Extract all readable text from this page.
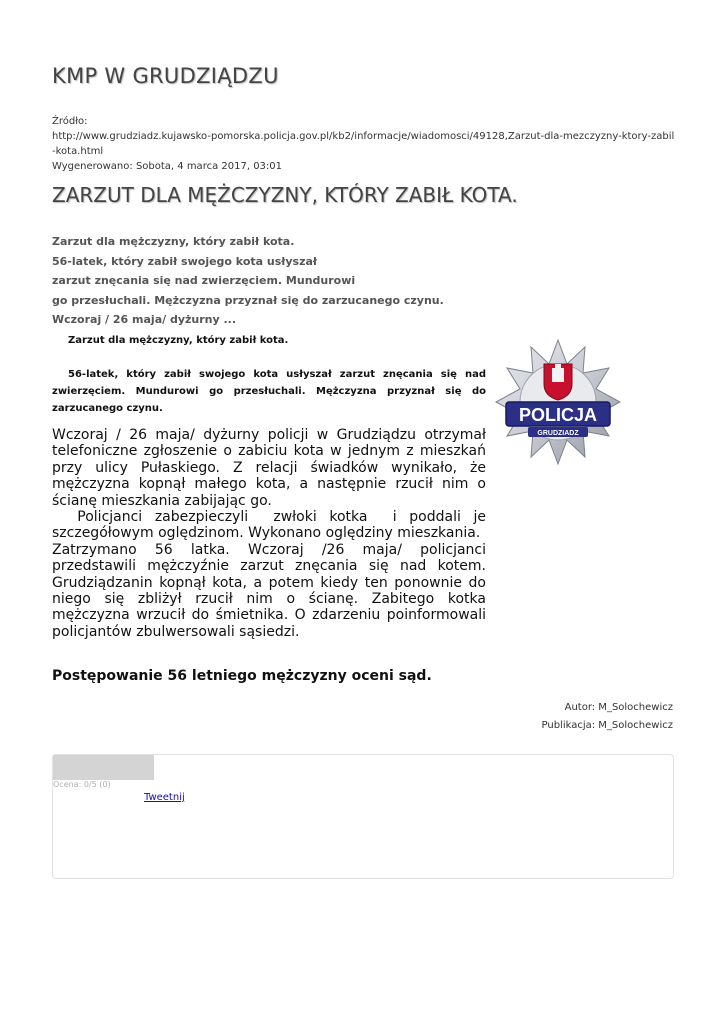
KMP W GRUDZIĄDZU
Źródło:
http://www.grudziadz.kujawsko-pomorska.policja.gov.pl/kb2/informacje/wiadomosci/49128,Zarzut-dla-mezczyzny-ktory-zabil-kota.html
Wygenerowano: Sobota, 4 marca 2017, 03:01
ZARZUT DLA MĘŻCZYZNY, KTÓRY ZABIŁ KOTA.
Zarzut dla mężczyzny, który zabił kota.
56-latek, który zabił swojego kota usłyszał
zarzut znęcania się nad zwierzęciem. Mundurowi
go przesłuchali. Mężczyzna przyznał się do zarzucanego czynu.
Wczoraj / 26 maja/ dyżurny ...
Zarzut dla mężczyzny, który zabił kota.
56-latek, który zabił swojego kota usłyszał zarzut znęcania się nad
zwierzęciem. Mundurowi go przesłuchali. Mężczyzna przyznał się do
zarzucanego czynu.	POLICJA
GRUDZIADZ

Wczoraj / 26 maja/ dyżurny policji w Grudziądzu otrzymał telefoniczne zgłoszenie o zabiciu kota w jednym z mieszkań przy ulicy Pułaskiego. Z relacji świadków wynikało, że mężczyzna kopnął małego kota, a następnie rzucił nim o ścianę mieszkania zabijając go.

Policjanci zabezpieczyli  zwłoki kotka  i poddali je szczegółowym oględzinom. Wykonano oględziny mieszkania.

Zatrzymano 56 latka. Wczoraj /26 maja/ policjanci przedstawili mężczyźnie zarzut znęcania się nad kotem. Grudziądzanin kopnął kota, a potem kiedy ten ponownie do niego się zbliżył rzucił nim o ścianę. Zabitego kotka mężczyzna wrzucił do śmietnika. O zdarzeniu poinformowali policjantów zbulwersowali sąsiedzi.

Postępowanie 56 letniego mężczyzny oceni sąd.
Autor: M_Solochewicz
Publikacja: M_Solochewicz
Ocena: 0/5 (0)
Tweetnij
